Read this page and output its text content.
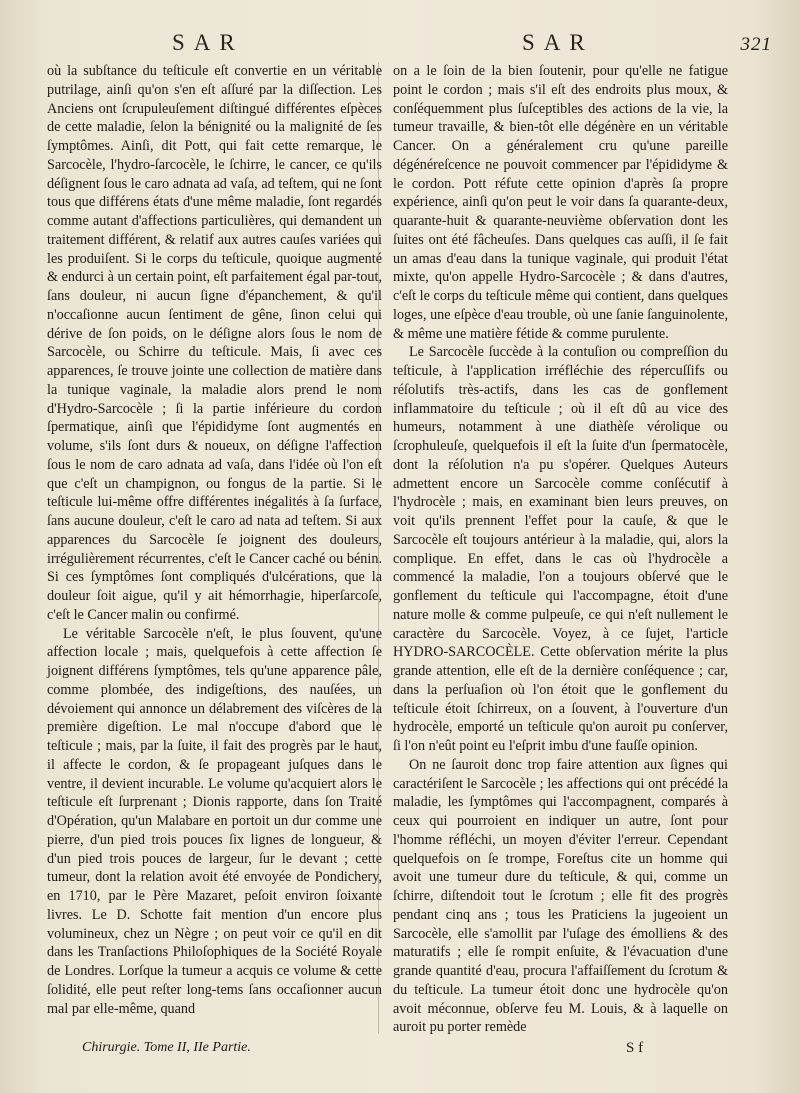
SAR	SAR	321

où la subſtance du teſticule eſt convertie en un véritable putrilage, ainſi qu'on s'en eſt aſſuré par la diſſection. Les Anciens ont ſcrupuleuſement diſtingué différentes eſpèces de cette maladie, ſelon la bénignité ou la malignité de ſes ſymptômes. Ainſi, dit Pott, qui fait cette remarque, le Sarcocèle, l'hydro-ſarcocèle, le ſchirre, le cancer, ce qu'ils déſignent ſous le caro adnata ad vaſa, ad teſtem, qui ne ſont tous que différens états d'une même maladie, ſont regardés comme autant d'affections particulières, qui demandent un traitement différent, & relatif aux autres cauſes variées qui les produiſent. Si le corps du teſticule, quoique augmenté & endurci à un certain point, eſt parfaitement égal par-tout, ſans douleur, ni aucun ſigne d'épanchement, & qu'il n'occaſionne aucun ſentiment de gêne, ſinon celui qui dérive de ſon poids, on le déſigne alors ſous le nom de Sarcocèle, ou Schirre du teſticule. Mais, ſi avec ces apparences, ſe trouve jointe une collection de matière dans la tunique vaginale, la maladie alors prend le nom d'Hydro-Sarcocèle ; ſi la partie inférieure du cordon ſpermatique, ainſi que l'épididyme ſont augmentés en volume, s'ils ſont durs & noueux, on déſigne l'affection ſous le nom de caro adnata ad vaſa, dans l'idée où l'on eſt que c'eſt un champignon, ou fongus de la partie. Si le teſticule lui-même offre différentes inégalités à ſa ſurface, ſans aucune douleur, c'eſt le caro ad nata ad teſtem. Si aux apparences du Sarcocèle ſe joignent des douleurs, irrégulièrement récurrentes, c'eſt le Cancer caché ou bénin. Si ces ſymptômes ſont compliqués d'ulcérations, que la douleur ſoit aigue, qu'il y ait hémorrhagie, hiperſarcoſe, c'eſt le Cancer malin ou confirmé.

Le véritable Sarcocèle n'eſt, le plus ſouvent, qu'une affection locale ; mais, quelquefois à cette affection ſe joignent différens ſymptômes, tels qu'une apparence pâle, comme plombée, des indigeſtions, des nauſées, un dévoiement qui annonce un délabrement des viſcères de la première digeſtion. Le mal n'occupe d'abord que le teſticule ; mais, par la ſuite, il fait des progrès par le haut, il affecte le cordon, & ſe propageant juſques dans le ventre, il devient incurable. Le volume qu'acquiert alors le teſticule eſt ſurprenant ; Dionis rapporte, dans ſon Traité d'Opération, qu'un Malabare en portoit un dur comme une pierre, d'un pied trois pouces ſix lignes de longueur, & d'un pied trois pouces de largeur, ſur le devant ; cette tumeur, dont la relation avoit été envoyée de Pondichery, en 1710, par le Père Mazaret, peſoit environ ſoixante livres. Le D. Schotte fait mention d'un encore plus volumineux, chez un Nègre ; on peut voir ce qu'il en dit dans les Tranſactions Philoſophiques de la Société Royale de Londres. Lorſque la tumeur a acquis ce volume & cette ſolidité, elle peut reſter long-tems ſans occaſionner aucun mal par elle-même, quand

on a le ſoin de la bien ſoutenir, pour qu'elle ne fatigue point le cordon ; mais s'il eſt des endroits plus moux, & conſéquemment plus ſuſceptibles des actions de la vie, la tumeur travaille, & bien-tôt elle dégénère en un véritable Cancer. On a généralement cru qu'une pareille dégénéreſcence ne pouvoit commencer par l'épididyme & le cordon. Pott réfute cette opinion d'après ſa propre expérience, ainſi qu'on peut le voir dans ſa quarante-deux, quarante-huit & quarante-neuvième obſervation dont les ſuites ont été fâcheuſes. Dans quelques cas auſſi, il ſe fait un amas d'eau dans la tunique vaginale, qui produit l'état mixte, qu'on appelle Hydro-Sarcocèle ; & dans d'autres, c'eſt le corps du teſticule même qui contient, dans quelques loges, une eſpèce d'eau trouble, où une ſanie ſanguinolente, & même une matière fétide & comme purulente.

Le Sarcocèle ſuccède à la contuſion ou compreſſion du teſticule, à l'application irréfléchie des répercuſſifs ou réſolutifs très-actifs, dans les cas de gonflement inflammatoire du teſticule ; où il eſt dû au vice des humeurs, notamment à une diathèſe vérolique ou ſcrophuleuſe, quelquefois il eſt la ſuite d'un ſpermatocèle, dont la réſolution n'a pu s'opérer. Quelques Auteurs admettent encore un Sarcocèle comme conſécutif à l'hydrocèle ; mais, en examinant bien leurs preuves, on voit qu'ils prennent l'effet pour la cauſe, & que le Sarcocèle eſt toujours antérieur à la maladie, qui, alors la complique. En effet, dans le cas où l'hydrocèle a commencé la maladie, l'on a toujours obſervé que le gonflement du teſticule qui l'accompagne, étoit d'une nature molle & comme pulpeuſe, ce qui n'eſt nullement le caractère du Sarcocèle. Voyez, à ce ſujet, l'article HYDRO-SARCOCÈLE. Cette obſervation mérite la plus grande attention, elle eſt de la dernière conſéquence ; car, dans la perſuaſion où l'on étoit que le gonflement du teſticule étoit ſchirreux, on a ſouvent, à l'ouverture d'un hydrocèle, emporté un teſticule qu'on auroit pu conſerver, ſi l'on n'eût point eu l'eſprit imbu d'une fauſſe opinion.

On ne ſauroit donc trop faire attention aux ſignes qui caractériſent le Sarcocèle ; les affections qui ont précédé la maladie, les ſymptômes qui l'accompagnent, comparés à ceux qui pourroient en indiquer un autre, ſont pour l'homme réfléchi, un moyen d'éviter l'erreur. Cependant quelquefois on ſe trompe, Foreſtus cite un homme qui avoit une tumeur dure du teſticule, & qui, comme un ſchirre, diſtendoit tout le ſcrotum ; elle fit des progrès pendant cinq ans ; tous les Praticiens la jugeoient un Sarcocèle, elle s'amollit par l'uſage des émolliens & des maturatifs ; elle ſe rompit enſuite, & l'évacuation d'une grande quantité d'eau, procura l'affaiſſement du ſcrotum & du teſticule. La tumeur étoit donc une hydrocèle qu'on avoit méconnue, obſerve feu M. Louis, & à laquelle on auroit pu porter remède

Chirurgie. Tome II, IIe Partie.	S f
